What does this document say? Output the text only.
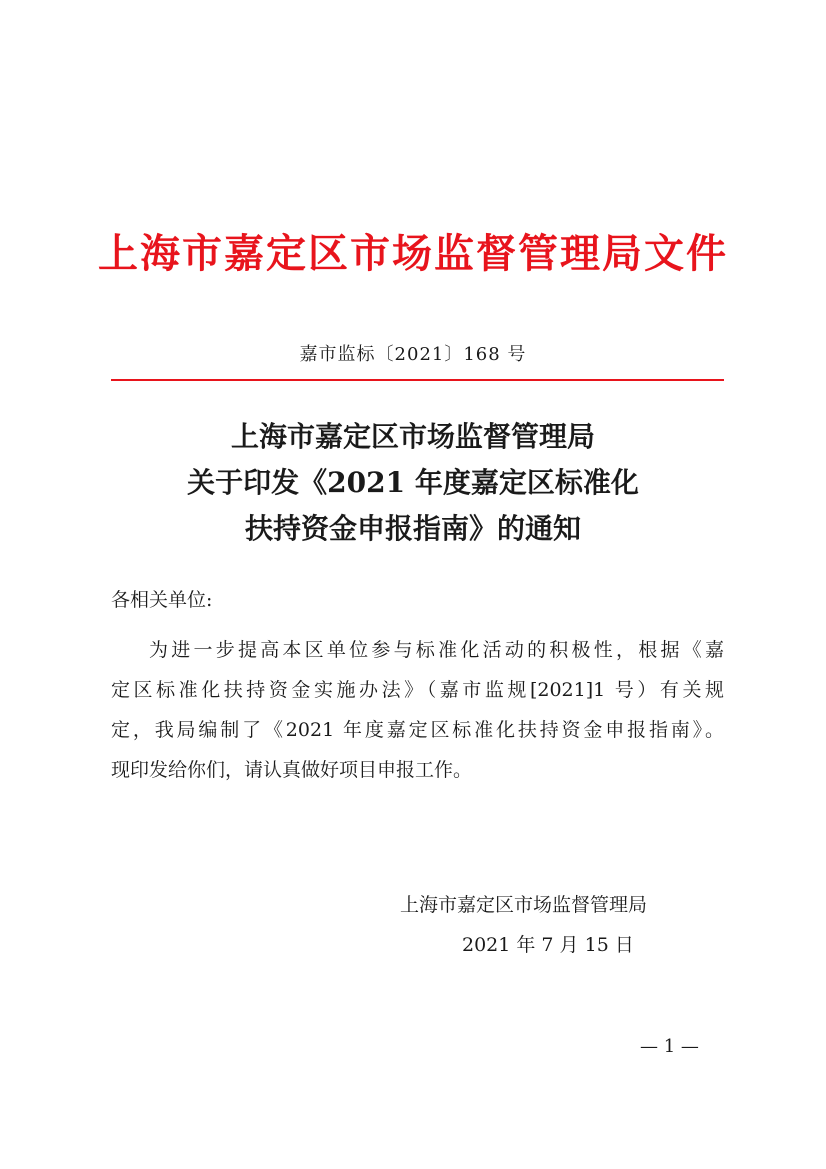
上海市嘉定区市场监督管理局文件
嘉市监标〔2021〕168 号
上海市嘉定区市场监督管理局
关于印发《2021 年度嘉定区标准化
扶持资金申报指南》的通知
各相关单位:
为进一步提高本区单位参与标准化活动的积极性，根据《嘉
定区标准化扶持资金实施办法》（嘉市监规[2021]1 号）有关规
定，我局编制了《2021 年度嘉定区标准化扶持资金申报指南》。
现印发给你们，请认真做好项目申报工作。
上海市嘉定区市场监督管理局
2021 年 7 月 15 日
— 1 —
